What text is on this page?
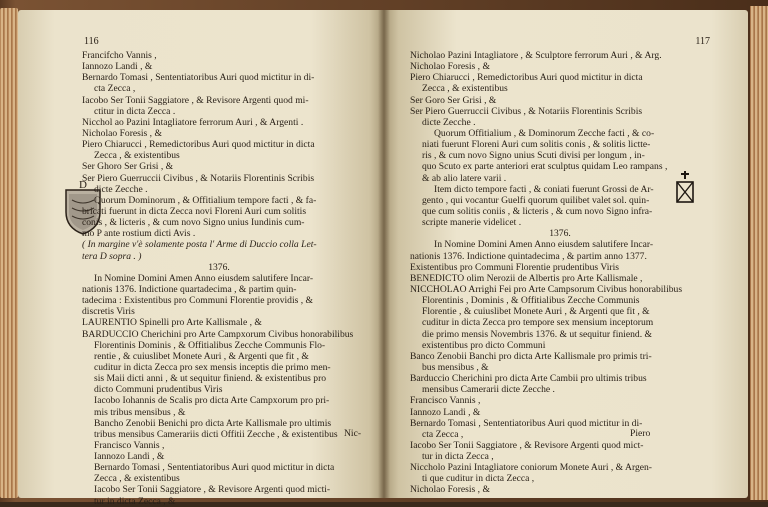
116
D
Francifcho Vannis ,
Iannozo Landi , &
Bernardo Tomasi , Sententiatoribus Auri quod mictitur in di-
cta Zecca ,
Iacobo Ser Tonii Saggiatore , & Revisore Argenti quod mi-
ctitur in dicta Zecca .
Nicchol ao Pazini Intagliatore ferrorum Auri , & Argenti .
Nicholao Foresis , &
Piero Chiarucci , Remedictoribus Auri quod mictitur in dicta
Zecca , & existentibus
Ser Ghoro Ser Grisi , &
Ser Piero Guerruccii Civibus , & Notariis Florentinis Scribis
dicte Zecche .
Quorum Dominorum , & Offitialium tempore facti , & fa-
bricati fuerunt in dicta Zecca novi Floreni Auri cum solitis
conis , & licteris , & cum novo Signo unius Iundinis cum-
mo P ante rostium dicti Avis .
( In margine v'è solamente posta l' Arme di Duccio colla Let-
tera D sopra . )
1376.
In Nomine Domini Amen Anno eiusdem salutifere Incar-
nationis 1376. Indictione quartadecima , & partim quin-
tadecima : Existentibus pro Communi Florentie providis , &
discretis Viris
LAURENTIO Spinelli pro Arte Kallismale , &
BARDUCCIO Cherichini pro Arte Campxorum Civibus honorabilibus
Florentinis Dominis , & Offitialibus Zecche Communis Flo-
rentie , & cuiuslibet Monete Auri , & Argenti que fit , &
cuditur in dicta Zecca pro sex mensis inceptis die primo men-
sis Maii dicti anni , & ut sequitur finiend. & existentibus pro
dicto Communi prudentibus Viris
Iacobo Iohannis de Scalis pro dicta Arte Campxorum pro pri-
mis tribus mensibus , &
Bancho Zenobii Benichi pro dicta Arte Kallismale pro ultimis
tribus mensibus Camerariis dicti Offitii Zecche , & existentibus
Francisco Vannis ,
Iannozo Landi , &
Bernardo Tomasi , Sententiatoribus Auri quod mictitur in dicta
Zecca , & existentibus
Iacobo Ser Tonii Saggiatore , & Revisore Argenti quod micti-
tur in dicta Zecca , &
Nic-
117
Nicholao Pazini Intagliatore , & Sculptore ferrorum Auri , & Arg.
Nicholao Foresis , &
Piero Chiarucci , Remedictoribus Auri quod mictitur in dicta
Zecca , & existentibus
Ser Goro Ser Grisi , &
Ser Piero Guerruccii Civibus , & Notariis Florentinis Scribis
dicte Zecche .
Quorum Offitialium , & Dominorum Zecche facti , & co-
niati fuerunt Floreni Auri cum solitis conis , & solitis lictte-
ris , & cum novo Signo unius Scuti divisi per longum , in-
quo Scuto ex parte anteriori erat sculptus quidam Leo rampans ,
& ab alio latere varii .
Item dicto tempore facti , & coniati fuerunt Grossi de Ar-
gento , qui vocantur Guelfi quorum quilibet valet sol. quin-
que cum solitis coniis , & licteris , & cum novo Signo infra-
scripte manerie videlicet .
1376.
In Nomine Domini Amen Anno eiusdem salutifere Incar-
nationis 1376. Indictione quintadecima , & partim anno 1377.
Existentibus pro Communi Florentie prudentibus Viris
BENEDICTO olim Nerozii de Albertis pro Arte Kallismale ,
NICCHOLAO Arrighi Fei pro Arte Campsorum Civibus honorabilibus
Florentinis , Dominis , & Offitialibus Zecche Communis
Florentie , & cuiuslibet Monete Auri , & Argenti que fit , &
cuditur in dicta Zecca pro tempore sex mensium inceptorum
die primo mensis Novembris 1376. & ut sequitur finiend. &
existentibus pro dicto Communi
Banco Zenobii Banchi pro dicta Arte Kallismale pro primis tri-
bus mensibus , &
Barduccio Cherichini pro dicta Arte Cambii pro ultimis tribus
mensibus Camerarii dicte Zecche .
Francisco Vannis ,
Iannozo Landi , &
Bernardo Tomasi , Sententiatoribus Auri quod mictitur in di-
cta Zecca ,
Iacobo Ser Tonii Saggiatore , & Revisore Argenti quod mict-
tur in dicta Zecca ,
Niccholo Pazini Intagliatore coniorum Monete Auri , & Argen-
ti que cuditur in dicta Zecca ,
Nicholao Foresis , &
Piero
